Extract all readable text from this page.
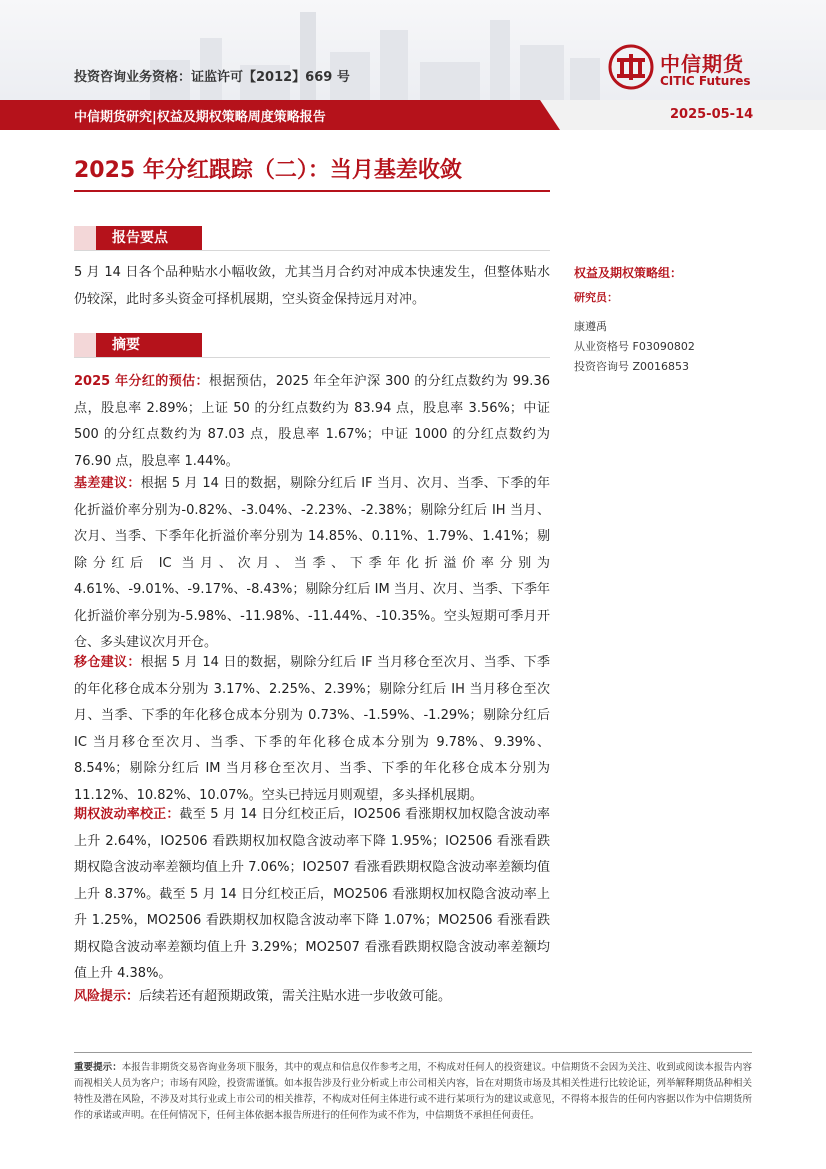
投资咨询业务资格：证监许可【2012】669 号
中信期货
CITIC Futures
中信期货研究|权益及期权策略周度策略报告	2025-05-14
2025 年分红跟踪（二）：当月基差收敛
报告要点
5 月 14 日各个品种贴水小幅收敛，尤其当月合约对冲成本快速发生，但整体贴水仍较深，此时多头资金可择机展期，空头资金保持远月对冲。
摘要
2025 年分红的预估：根据预估，2025 年全年沪深 300 的分红点数约为 99.36 点，股息率 2.89%；上证 50 的分红点数约为 83.94 点，股息率 3.56%；中证 500 的分红点数约为 87.03 点，股息率 1.67%；中证 1000 的分红点数约为 76.90 点，股息率 1.44%。
基差建议：根据 5 月 14 日的数据，剔除分红后 IF 当月、次月、当季、下季的年化折溢价率分别为-0.82%、-3.04%、-2.23%、-2.38%；剔除分红后 IH 当月、次月、当季、下季年化折溢价率分别为 14.85%、0.11%、1.79%、1.41%；剔除分红后 IC 当月、次月、当季、下季年化折溢价率分别为 4.61%、-9.01%、-9.17%、-8.43%；剔除分红后 IM 当月、次月、当季、下季年化折溢价率分别为-5.98%、-11.98%、-11.44%、-10.35%。空头短期可季月开仓、多头建议次月开仓。
移仓建议：根据 5 月 14 日的数据，剔除分红后 IF 当月移仓至次月、当季、下季的年化移仓成本分别为 3.17%、2.25%、2.39%；剔除分红后 IH 当月移仓至次月、当季、下季的年化移仓成本分别为 0.73%、-1.59%、-1.29%；剔除分红后 IC 当月移仓至次月、当季、下季的年化移仓成本分别为 9.78%、9.39%、8.54%；剔除分红后 IM 当月移仓至次月、当季、下季的年化移仓成本分别为 11.12%、10.82%、10.07%。空头已持远月则观望，多头择机展期。
期权波动率校正：截至 5 月 14 日分红校正后，IO2506 看涨期权加权隐含波动率上升 2.64%，IO2506 看跌期权加权隐含波动率下降 1.95%；IO2506 看涨看跌期权隐含波动率差额均值上升 7.06%；IO2507 看涨看跌期权隐含波动率差额均值上升 8.37%。截至 5 月 14 日分红校正后，MO2506 看涨期权加权隐含波动率上升 1.25%，MO2506 看跌期权加权隐含波动率下降 1.07%；MO2506 看涨看跌期权隐含波动率差额均值上升 3.29%；MO2507 看涨看跌期权隐含波动率差额均值上升 4.38%。
风险提示：后续若还有超预期政策，需关注贴水进一步收敛可能。
权益及期权策略组：
研究员：
康遵禹
从业资格号 F03090802
投资咨询号 Z0016853
重要提示：本报告非期货交易咨询业务项下服务，其中的观点和信息仅作参考之用，不构成对任何人的投资建议。中信期货不会因为关注、收到或阅读本报告内容而视相关人员为客户；市场有风险，投资需谨慎。如本报告涉及行业分析或上市公司相关内容，旨在对期货市场及其相关性进行比较论证，列举解释期货品种相关特性及潜在风险，不涉及对其行业或上市公司的相关推荐，不构成对任何主体进行或不进行某项行为的建议或意见，不得将本报告的任何内容据以作为中信期货所作的承诺或声明。在任何情况下，任何主体依据本报告所进行的任何作为或不作为，中信期货不承担任何责任。
